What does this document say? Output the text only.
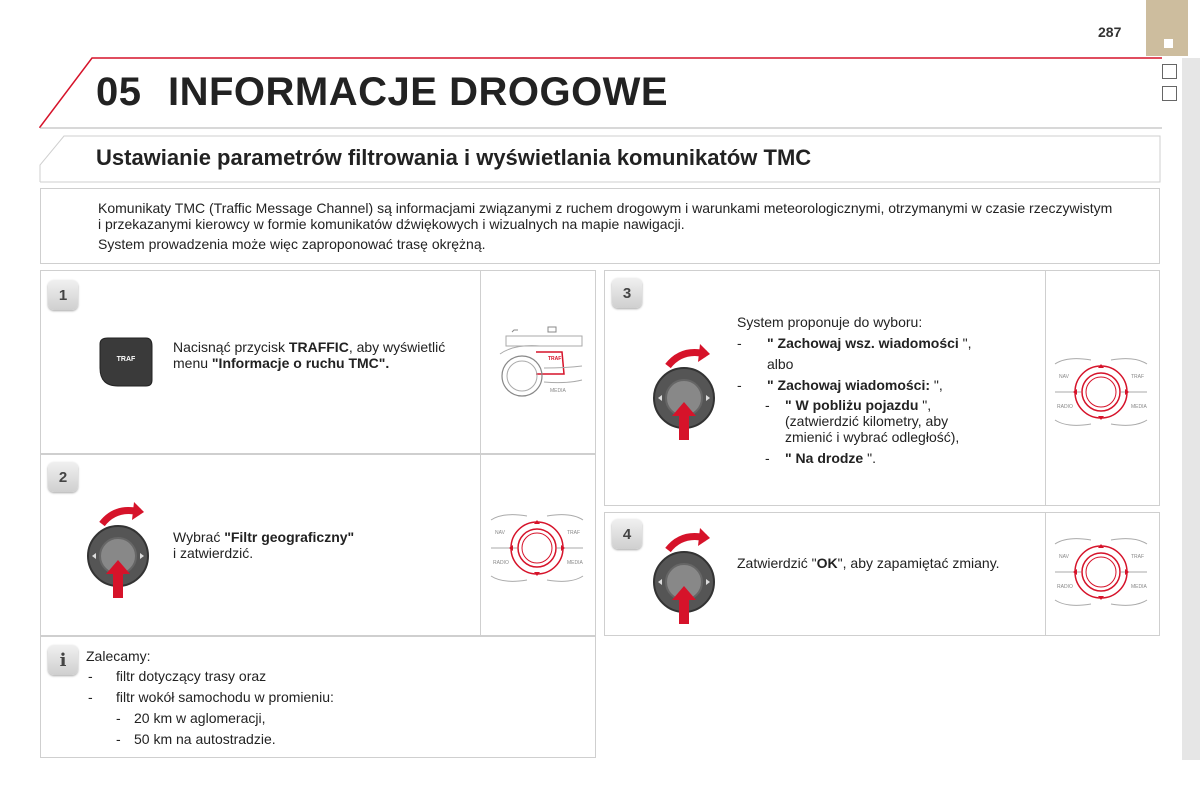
287
05 INFORMACJE DROGOWE
Ustawianie parametrów filtrowania i wyświetlania komunikatów TMC

Komunikaty TMC (Traffic Message Channel) są informacjami związanymi z ruchem drogowym i warunkami meteorologicznymi, otrzymanymi w czasie rzeczywistym i przekazanymi kierowcy w formie komunikatów dźwiękowych i wizualnych na mapie nawigacji.

System prowadzenia może więc zaproponować trasę okrężną.

1
2
3
4
i
TRAF
Nacisnąć przycisk TRAFFIC, aby wyświetlić menu "Informacje o ruchu TMC".	TRAF
MEDIA
Wybrać "Filtr geograficzny"
i zatwierdzić.
NAV	TRAF
RADIO	MEDIA
Zalecamy:
- filtr dotyczący trasy oraz
- filtr wokół samochodu w promieniu:
- 20 km w aglomeracji,
- 50 km na autostradzie.
System proponuje do wyboru:
- " Zachowaj wsz. wiadomości ",
albo
- " Zachowaj wiadomości: ",
- " W pobliżu pojazdu ",
(zatwierdzić kilometry, aby
zmienić i wybrać odległość),
- " Na drodze ".
NAV	TRAF
RADIO	MEDIA
Zatwierdzić "OK", aby zapamiętać zmiany.	NAV	TRAF
RADIO	MEDIA
